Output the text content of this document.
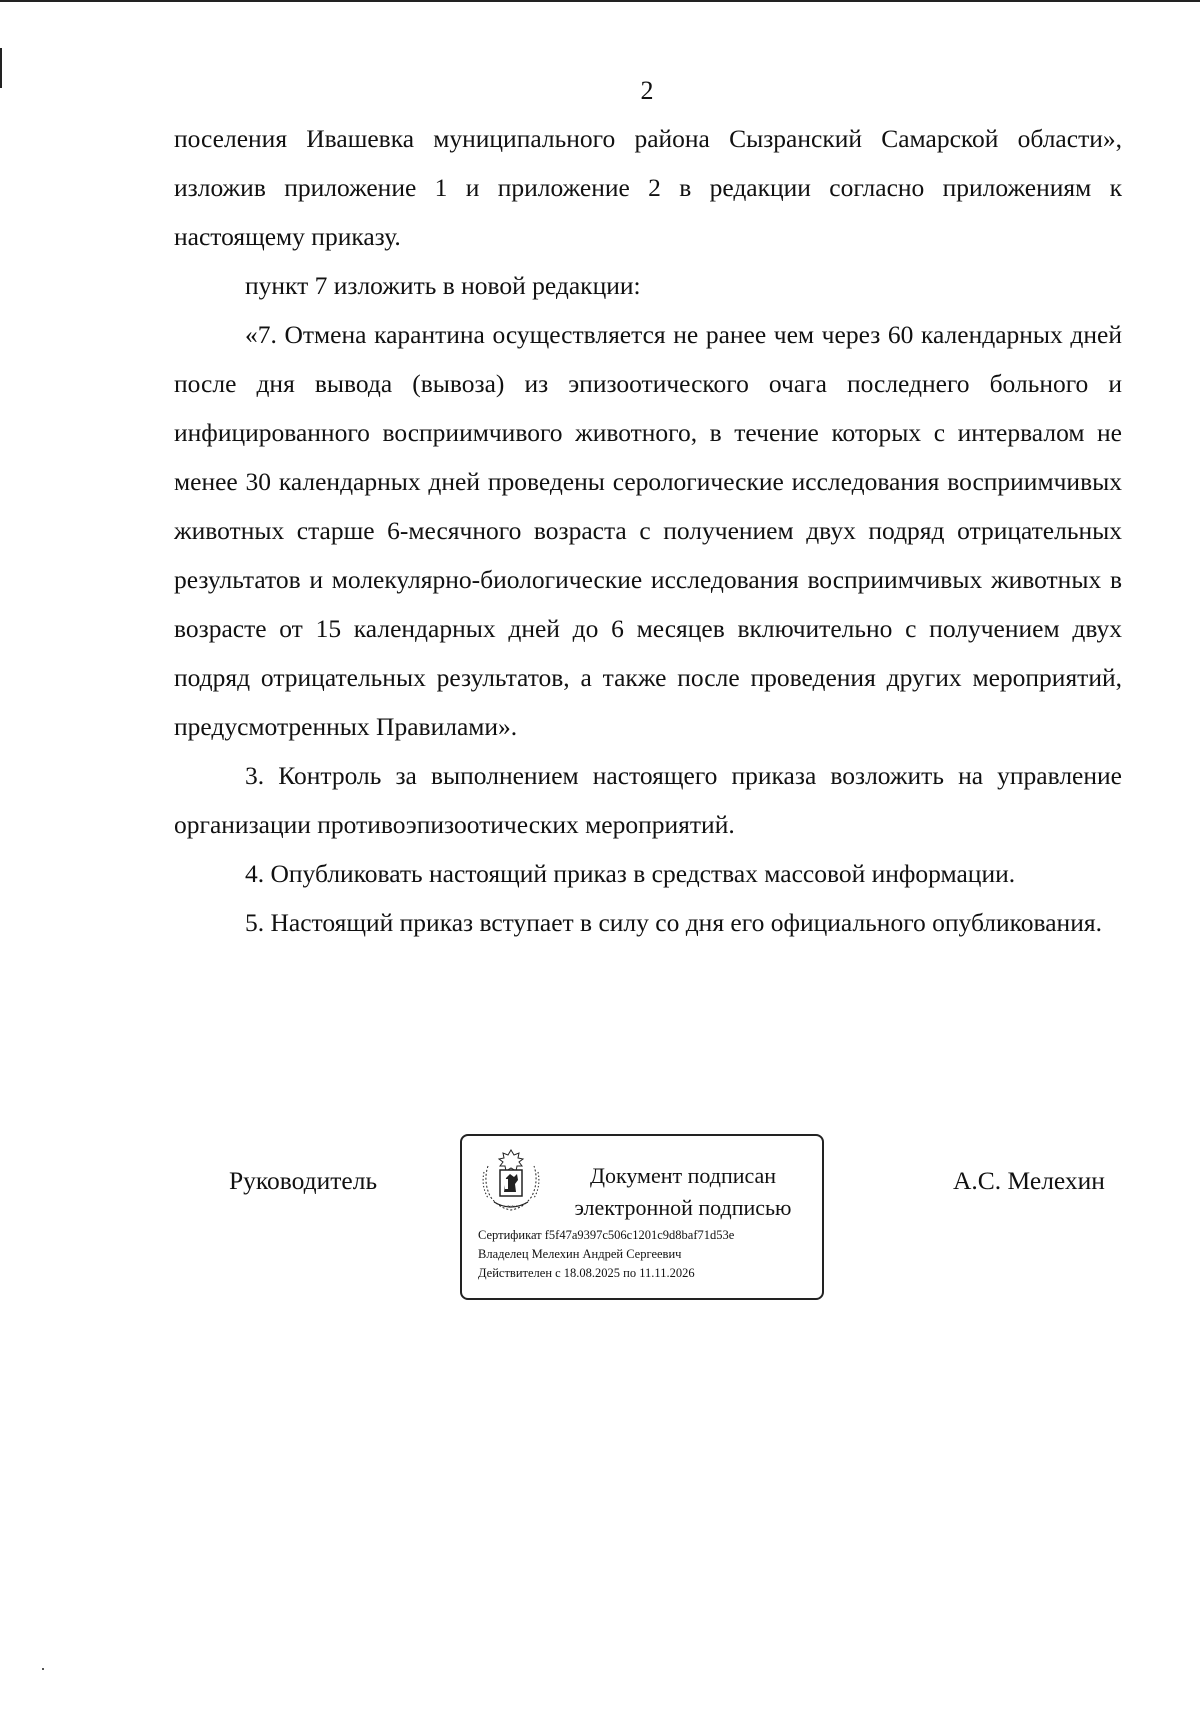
2

поселения Ивашевка муниципального района Сызранский Самарской области», изложив приложение 1 и приложение 2 в редакции согласно приложениям к настоящему приказу.

пункт 7 изложить в новой редакции:

«7. Отмена карантина осуществляется не ранее чем через 60 календарных дней после дня вывода (вывоза) из эпизоотического очага последнего больного и инфицированного восприимчивого животного, в течение которых с интервалом не менее 30 календарных дней проведены серологические исследования восприимчивых животных старше 6-месячного возраста с получением двух подряд отрицательных результатов и молекулярно-биологические исследования восприимчивых животных в возрасте от 15 календарных дней до 6 месяцев включительно с получением двух подряд отрицательных результатов, а также после проведения других мероприятий, предусмотренных Правилами».

3. Контроль за выполнением настоящего приказа возложить на управление организации противоэпизоотических мероприятий.

4. Опубликовать настоящий приказ в средствах массовой информации.

5. Настоящий приказ вступает в силу со дня его официального опубликования.

Руководитель
~~~~
Документ подписан
электронной подписью
Сертификат f5f47a9397c506c1201c9d8baf71d53e
Владелец Мелехин Андрей Сергеевич
Действителен с 18.08.2025 по 11.11.2026
А.С. Мелехин
